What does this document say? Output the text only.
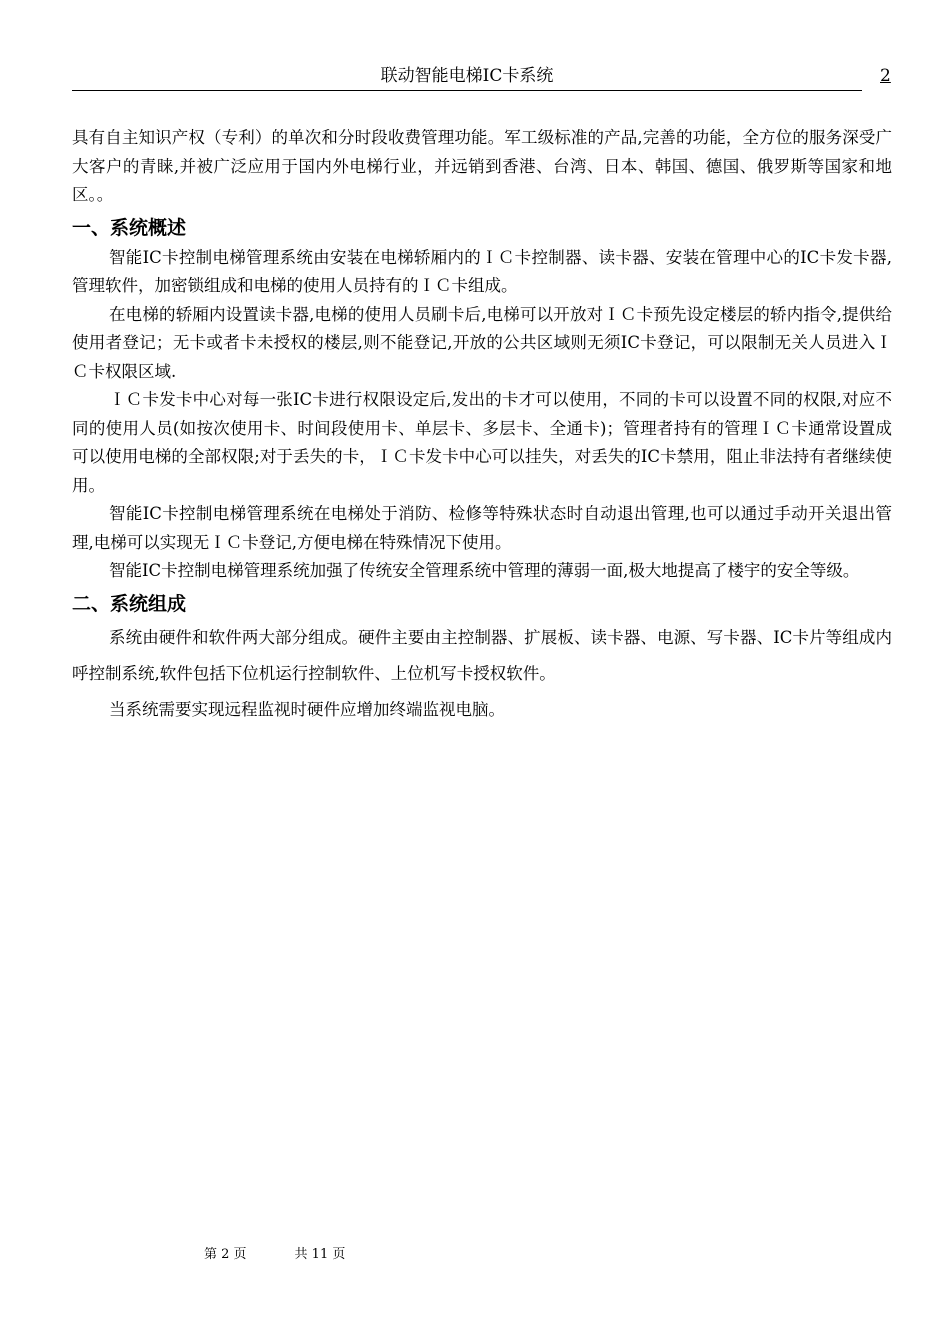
联动智能电梯IC卡系统	2

具有自主知识产权（专利）的单次和分时段收费管理功能。军工级标准的产品,完善的功能，全方位的服务深受广大客户的青睐,并被广泛应用于国内外电梯行业，并远销到香港、台湾、日本、韩国、德国、俄罗斯等国家和地区。。

一、系统概述

智能IC卡控制电梯管理系统由安装在电梯轿厢内的ＩＣ卡控制器、读卡器、安装在管理中心的IC卡发卡器,管理软件，加密锁组成和电梯的使用人员持有的ＩＣ卡组成。

在电梯的轿厢内设置读卡器,电梯的使用人员刷卡后,电梯可以开放对ＩＣ卡预先设定楼层的轿内指令,提供给使用者登记；无卡或者卡未授权的楼层,则不能登记,开放的公共区域则无须IC卡登记，可以限制无关人员进入ＩＣ卡权限区域.

ＩＣ卡发卡中心对每一张IC卡进行权限设定后,发出的卡才可以使用，不同的卡可以设置不同的权限,对应不同的使用人员(如按次使用卡、时间段使用卡、单层卡、多层卡、全通卡)；管理者持有的管理ＩＣ卡通常设置成可以使用电梯的全部权限;对于丢失的卡，ＩＣ卡发卡中心可以挂失，对丢失的IC卡禁用，阻止非法持有者继续使用。

智能IC卡控制电梯管理系统在电梯处于消防、检修等特殊状态时自动退出管理,也可以通过手动开关退出管理,电梯可以实现无ＩＣ卡登记,方便电梯在特殊情况下使用。

智能IC卡控制电梯管理系统加强了传统安全管理系统中管理的薄弱一面,极大地提高了楼宇的安全等级。

二、系统组成

系统由硬件和软件两大部分组成。硬件主要由主控制器、扩展板、读卡器、电源、写卡器、IC卡片等组成内呼控制系统,软件包括下位机运行控制软件、上位机写卡授权软件。

当系统需要实现远程监视时硬件应增加终端监视电脑。

第 2 页	共 11 页
